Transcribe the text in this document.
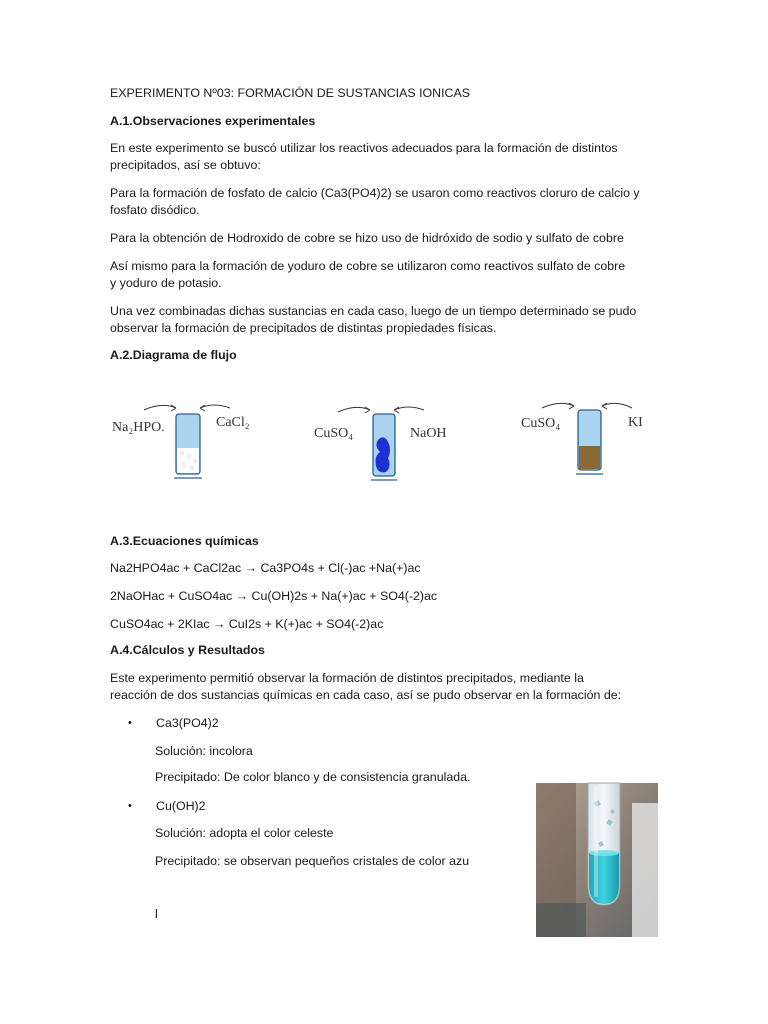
EXPERIMENTO Nº03: FORMACIÓN DE SUSTANCIAS IONICAS
A.1.Observaciones experimentales
En este experimento se buscó utilizar los reactivos adecuados para la formación de distintos
precipitados, así se obtuvo:
Para la formación de fosfato de calcio (Ca3(PO4)2) se usaron como reactivos cloruro de calcio y
fosfato disódico.
Para la obtención de Hodroxido de cobre se hizo uso de hidróxido de sodio y sulfato de cobre
Así mismo para la formación de yoduro de cobre se utilizaron como reactivos sulfato de cobre
y yoduro de potasio.
Una vez combinadas dichas sustancias en cada caso, luego de un tiempo determinado se pudo
observar la formación de precipitados de distintas propiedades físicas.
A.2.Diagrama de flujo
Na₂HPO.	CaCl₂
CuSO₄	NaOH
CuSO₄	KI
A.3.Ecuaciones químicas
Na2HPO4ac + CaCl2ac → Ca3PO4s + Cl(-)ac +Na(+)ac
2NaOHac + CuSO4ac → Cu(OH)2s + Na(+)ac + SO4(-2)ac
CuSO4ac + 2KIac → CuI2s + K(+)ac + SO4(-2)ac
A.4.Cálculos y Resultados
Este experimento permitió observar la formación de distintos precipitados, mediante la
reacción de dos sustancias químicas en cada caso, así se pudo observar en la formación de:
• Ca3(PO4)2
Solución: incolora
Precipitado: De color blanco y de consistencia granulada.
• Cu(OH)2
Solución: adopta el color celeste
Precipitado: se observan pequeños cristales de color azu
l
